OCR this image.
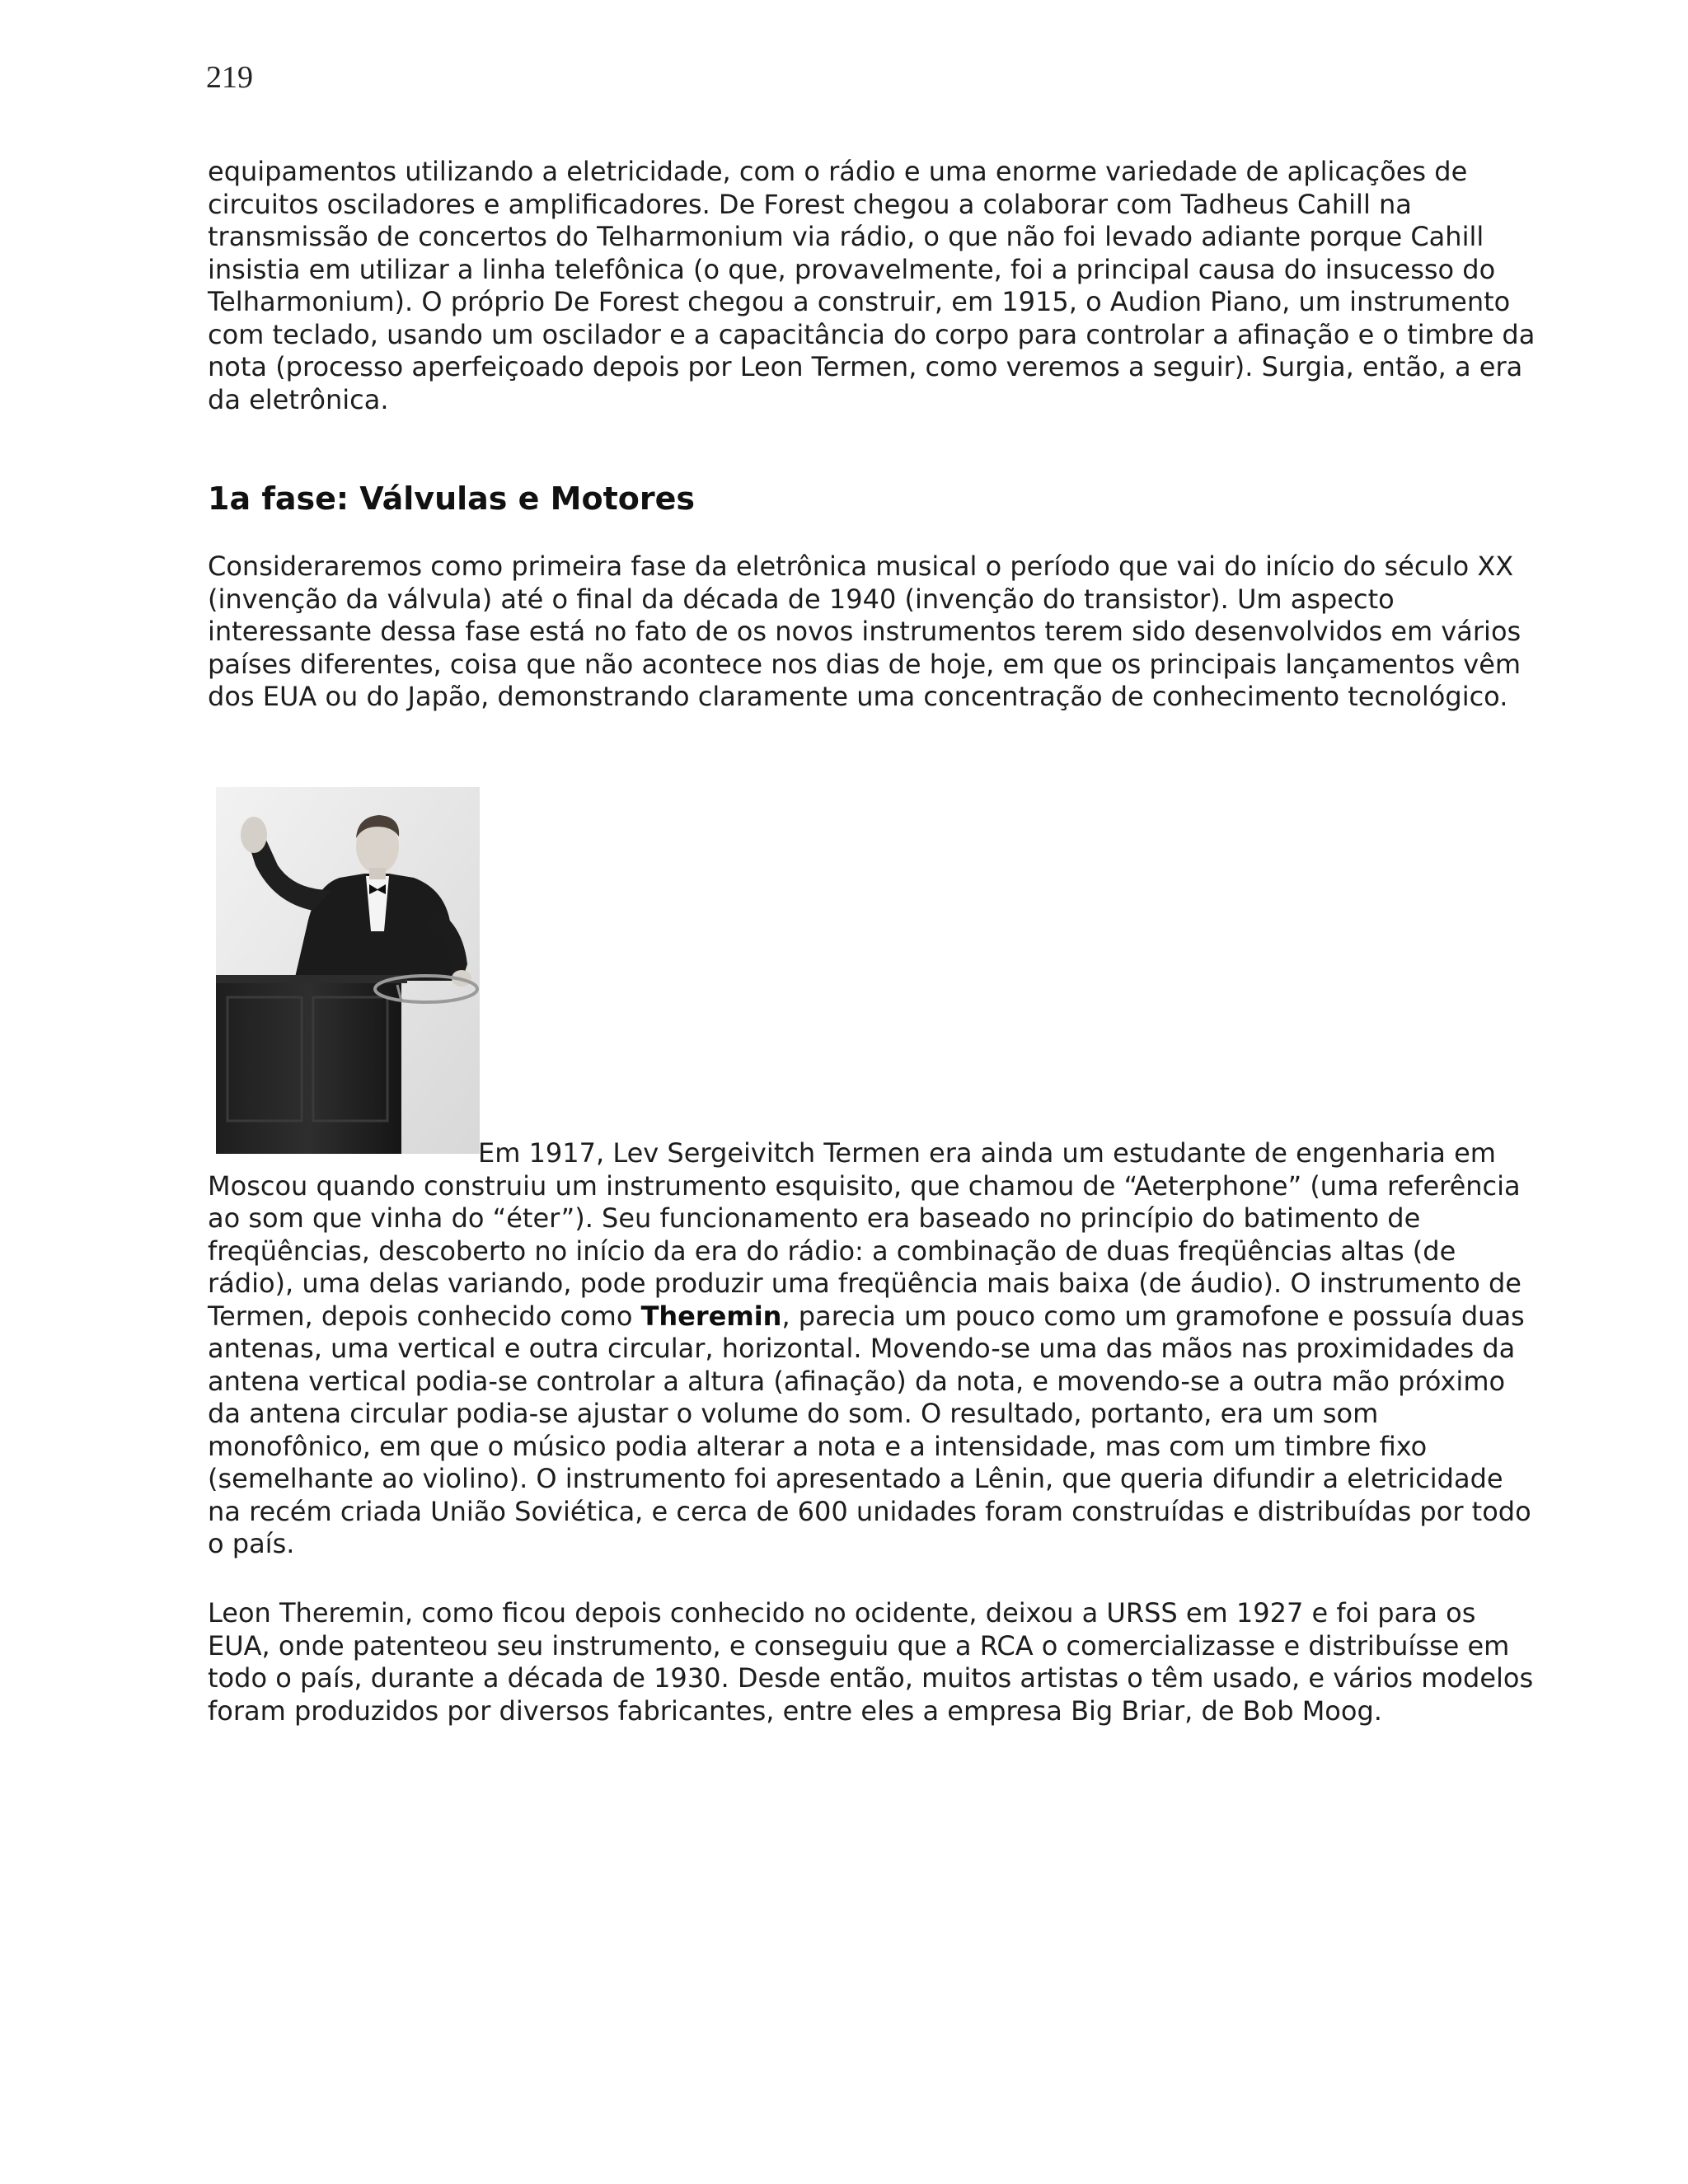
219

equipamentos utilizando a eletricidade, com o rádio e uma enorme variedade de aplicações de circuitos osciladores e amplificadores. De Forest chegou a colaborar com Tadheus Cahill na transmissão de concertos do Telharmonium via rádio, o que não foi levado adiante porque Cahill insistia em utilizar a linha telefônica (o que, provavelmente, foi a principal causa do insucesso do Telharmonium). O próprio De Forest chegou a construir, em 1915, o Audion Piano, um instrumento com teclado, usando um oscilador e a capacitância do corpo para controlar a afinação e o timbre da nota (processo aperfeiçoado depois por Leon Termen, como veremos a seguir). Surgia, então, a era da eletrônica.

1a fase: Válvulas e Motores

Consideraremos como primeira fase da eletrônica musical o período que vai do início do século XX (invenção da válvula) até o final da década de 1940 (invenção do transistor). Um aspecto interessante dessa fase está no fato de os novos instrumentos terem sido desenvolvidos em vários países diferentes, coisa que não acontece nos dias de hoje, em que os principais lançamentos vêm dos EUA ou do Japão, demonstrando claramente uma concentração de conhecimento tecnológico.

Em 1917, Lev Sergeivitch Termen era ainda um estudante de engenharia em Moscou quando construiu um instrumento esquisito, que chamou de “Aeterphone” (uma referência ao som que vinha do “éter”). Seu funcionamento era baseado no princípio do batimento de freqüências, descoberto no início da era do rádio: a combinação de duas freqüências altas (de rádio), uma delas variando, pode produzir uma freqüência mais baixa (de áudio). O instrumento de Termen, depois conhecido como Theremin, parecia um pouco como um gramofone e possuía duas antenas, uma vertical e outra circular, horizontal. Movendo-se uma das mãos nas proximidades da antena vertical podia-se controlar a altura (afinação) da nota, e movendo-se a outra mão próximo da antena circular podia-se ajustar o volume do som. O resultado, portanto, era um som monofônico, em que o músico podia alterar a nota e a intensidade, mas com um timbre fixo (semelhante ao violino). O instrumento foi apresentado a Lênin, que queria difundir a eletricidade na recém criada União Soviética, e cerca de 600 unidades foram construídas e distribuídas por todo o país.

Leon Theremin, como ficou depois conhecido no ocidente, deixou a URSS em 1927 e foi para os EUA, onde patenteou seu instrumento, e conseguiu que a RCA o comercializasse e distribuísse em todo o país, durante a década de 1930. Desde então, muitos artistas o têm usado, e vários modelos foram produzidos por diversos fabricantes, entre eles a empresa Big Briar, de Bob Moog.
